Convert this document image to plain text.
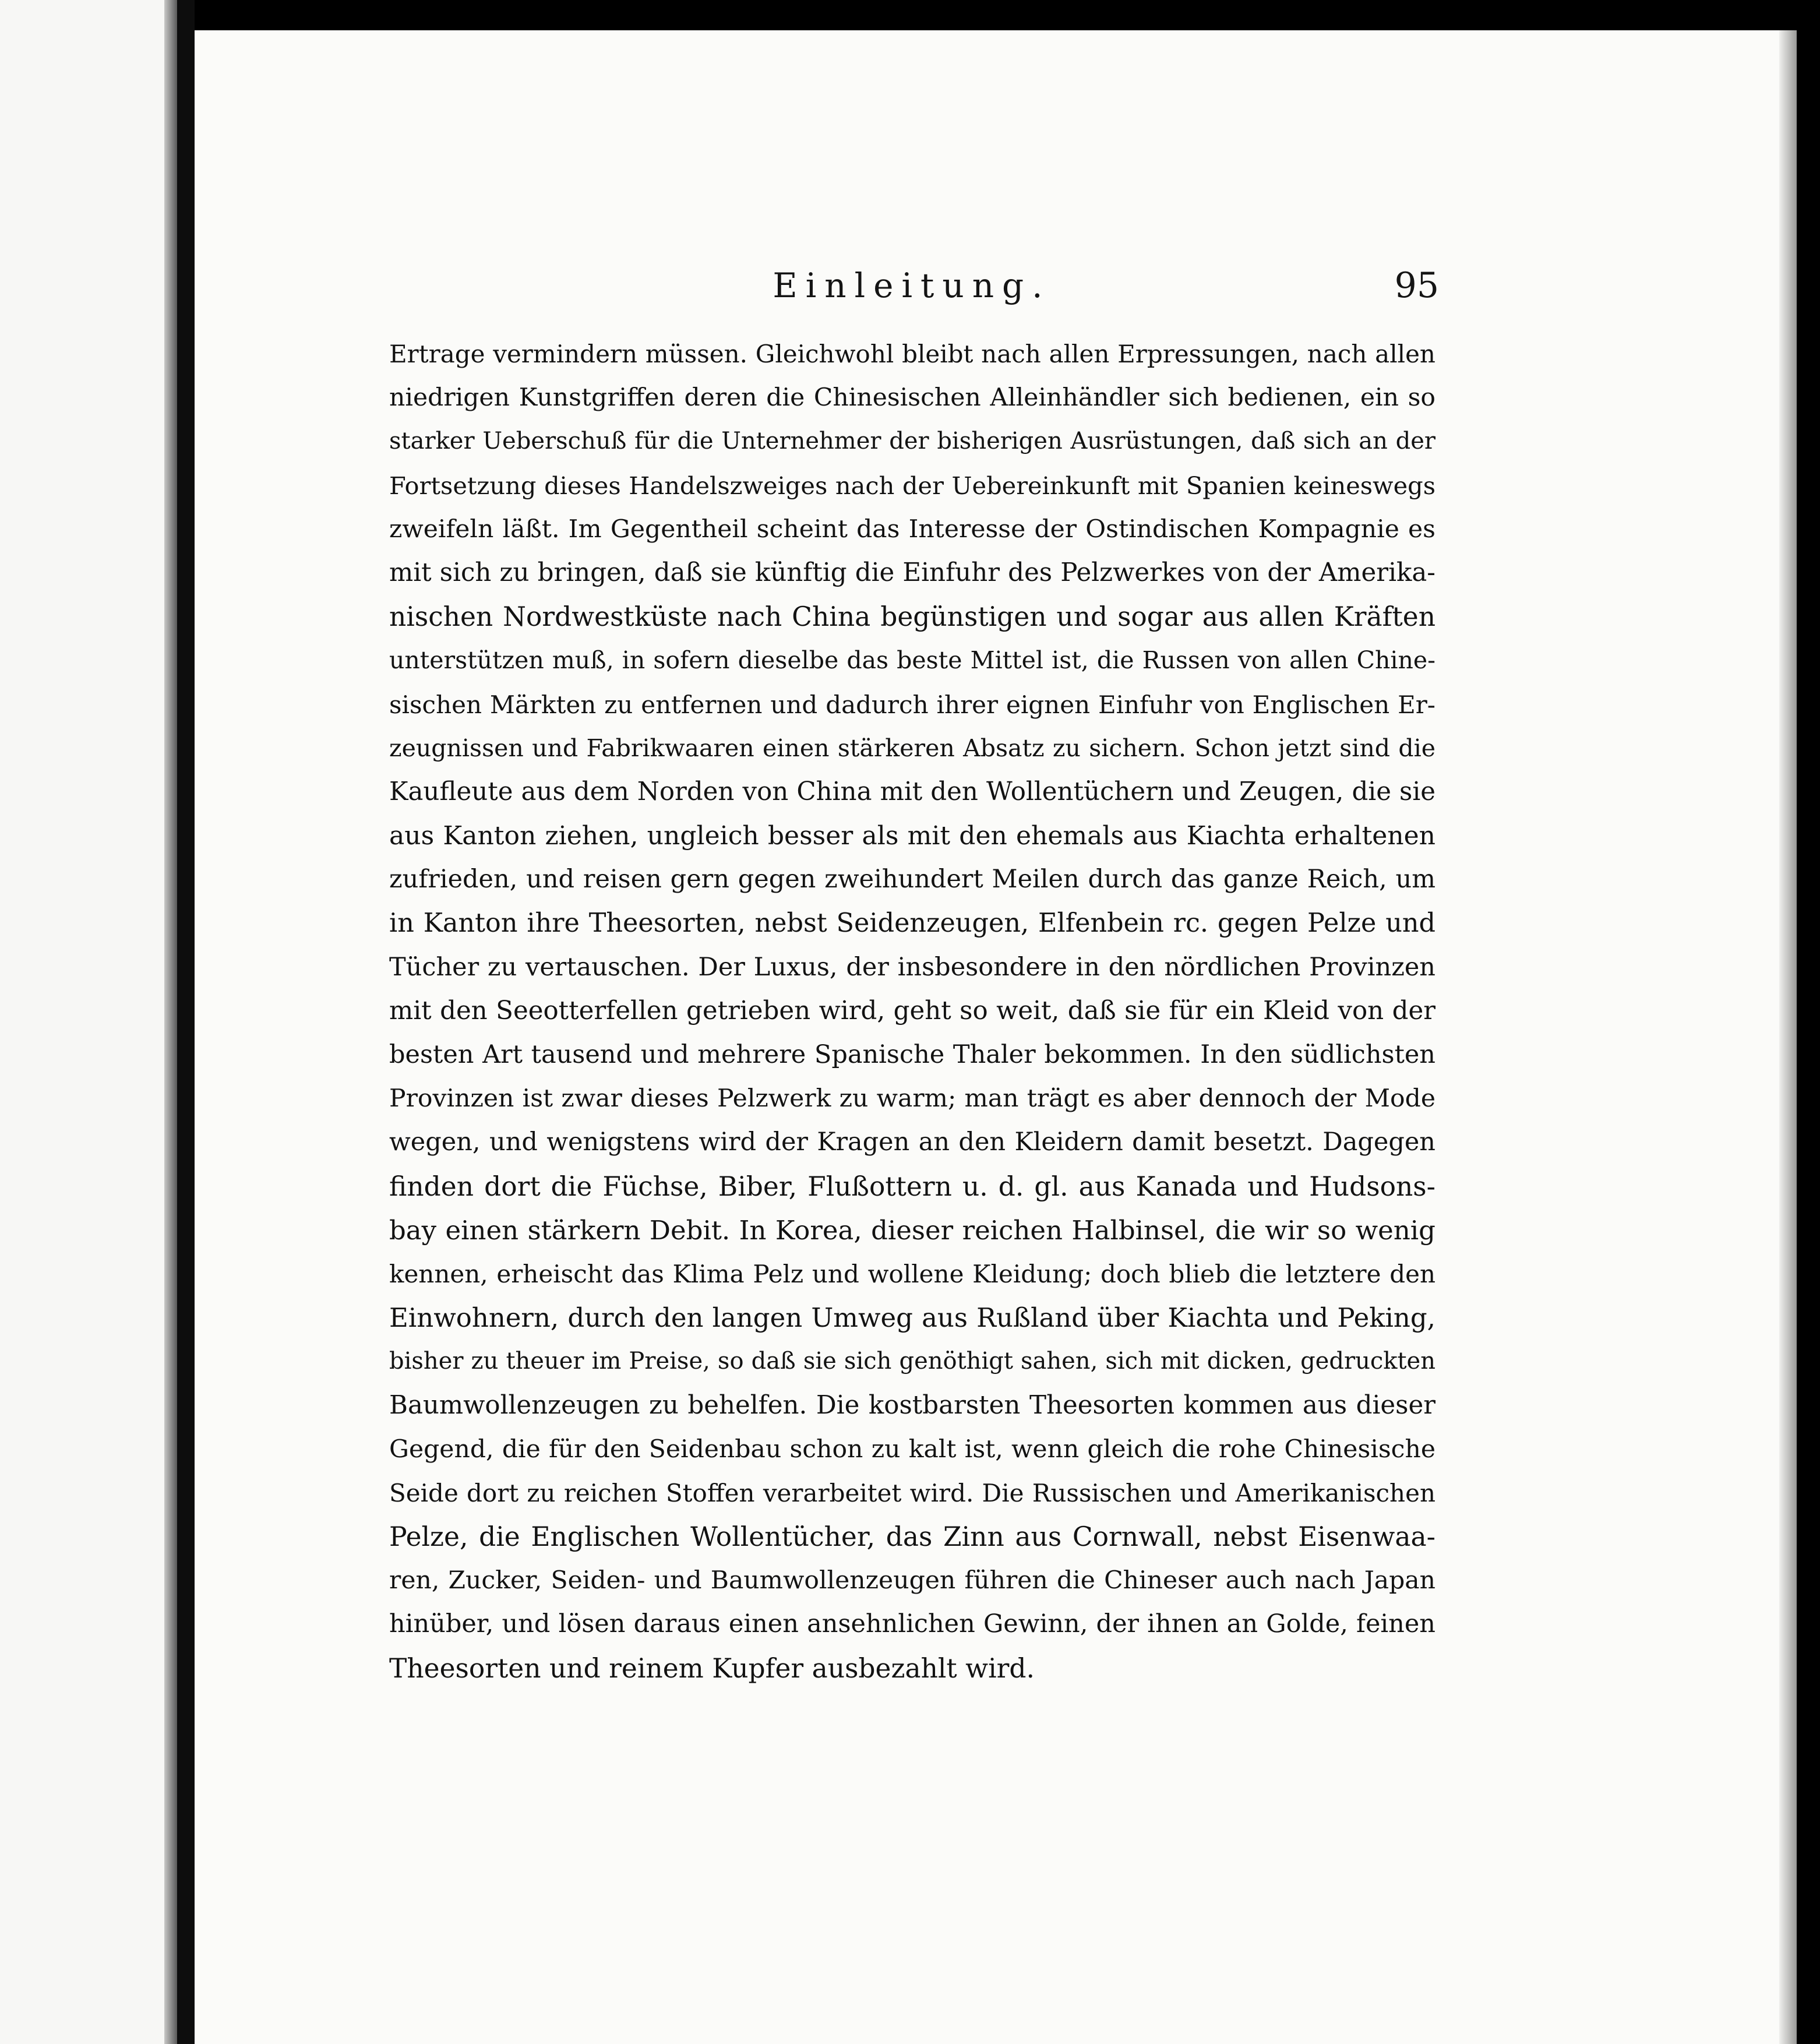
Einleitung.	95
Ertrage vermindern müssen. Gleichwohl bleibt nach allen Erpressungen, nach allen
niedrigen Kunstgriffen deren die Chinesischen Alleinhändler sich bedienen, ein so
starker Ueberschuß für die Unternehmer der bisherigen Ausrüstungen, daß sich an der
Fortsetzung dieses Handelszweiges nach der Uebereinkunft mit Spanien keineswegs
zweifeln läßt. Im Gegentheil scheint das Interesse der Ostindischen Kompagnie es
mit sich zu bringen, daß sie künftig die Einfuhr des Pelzwerkes von der Amerika-
nischen Nordwestküste nach China begünstigen und sogar aus allen Kräften
unterstützen muß, in sofern dieselbe das beste Mittel ist, die Russen von allen Chine-
sischen Märkten zu entfernen und dadurch ihrer eignen Einfuhr von Englischen Er-
zeugnissen und Fabrikwaaren einen stärkeren Absatz zu sichern. Schon jetzt sind die
Kaufleute aus dem Norden von China mit den Wollentüchern und Zeugen, die sie
aus Kanton ziehen, ungleich besser als mit den ehemals aus Kiachta erhaltenen
zufrieden, und reisen gern gegen zweihundert Meilen durch das ganze Reich, um
in Kanton ihre Theesorten, nebst Seidenzeugen, Elfenbein rc. gegen Pelze und
Tücher zu vertauschen. Der Luxus, der insbesondere in den nördlichen Provinzen
mit den Seeotterfellen getrieben wird, geht so weit, daß sie für ein Kleid von der
besten Art tausend und mehrere Spanische Thaler bekommen. In den südlichsten
Provinzen ist zwar dieses Pelzwerk zu warm; man trägt es aber dennoch der Mode
wegen, und wenigstens wird der Kragen an den Kleidern damit besetzt. Dagegen
finden dort die Füchse, Biber, Flußottern u. d. gl. aus Kanada und Hudsons-
bay einen stärkern Debit. In Korea, dieser reichen Halbinsel, die wir so wenig
kennen, erheischt das Klima Pelz und wollene Kleidung; doch blieb die letztere den
Einwohnern, durch den langen Umweg aus Rußland über Kiachta und Peking,
bisher zu theuer im Preise, so daß sie sich genöthigt sahen, sich mit dicken, gedruckten
Baumwollenzeugen zu behelfen. Die kostbarsten Theesorten kommen aus dieser
Gegend, die für den Seidenbau schon zu kalt ist, wenn gleich die rohe Chinesische
Seide dort zu reichen Stoffen verarbeitet wird. Die Russischen und Amerikanischen
Pelze, die Englischen Wollentücher, das Zinn aus Cornwall, nebst Eisenwaa-
ren, Zucker, Seiden- und Baumwollenzeugen führen die Chineser auch nach Japan
hinüber, und lösen daraus einen ansehnlichen Gewinn, der ihnen an Golde, feinen
Theesorten und reinem Kupfer ausbezahlt wird.
